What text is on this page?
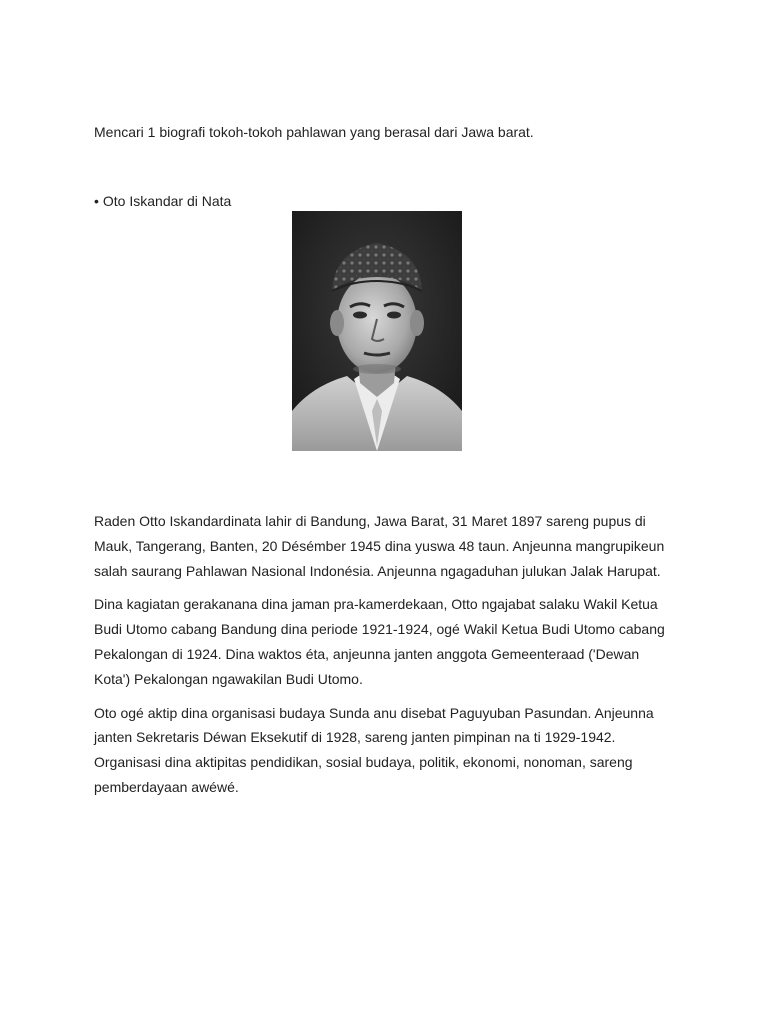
Mencari 1 biografi tokoh-tokoh pahlawan yang berasal dari Jawa barat.

• Oto Iskandar di Nata

Raden Otto Iskandardinata lahir di Bandung, Jawa Barat, 31 Maret 1897 sareng pupus di Mauk, Tangerang, Banten, 20 Désémber 1945 dina yuswa 48 taun. Anjeunna mangrupikeun salah saurang Pahlawan Nasional Indonésia. Anjeunna ngagaduhan julukan Jalak Harupat.

Dina kagiatan gerakanana dina jaman pra-kamerdekaan, Otto ngajabat salaku Wakil Ketua Budi Utomo cabang Bandung dina periode 1921-1924, ogé Wakil Ketua Budi Utomo cabang Pekalongan di 1924. Dina waktos éta, anjeunna janten anggota Gemeenteraad ('Dewan Kota') Pekalongan ngawakilan Budi Utomo.

Oto ogé aktip dina organisasi budaya Sunda anu disebat Paguyuban Pasundan. Anjeunna janten Sekretaris Déwan Eksekutif di 1928, sareng janten pimpinan na ti 1929-1942. Organisasi dina aktipitas pendidikan, sosial budaya, politik, ekonomi, nonoman, sareng pemberdayaan awéwé.
